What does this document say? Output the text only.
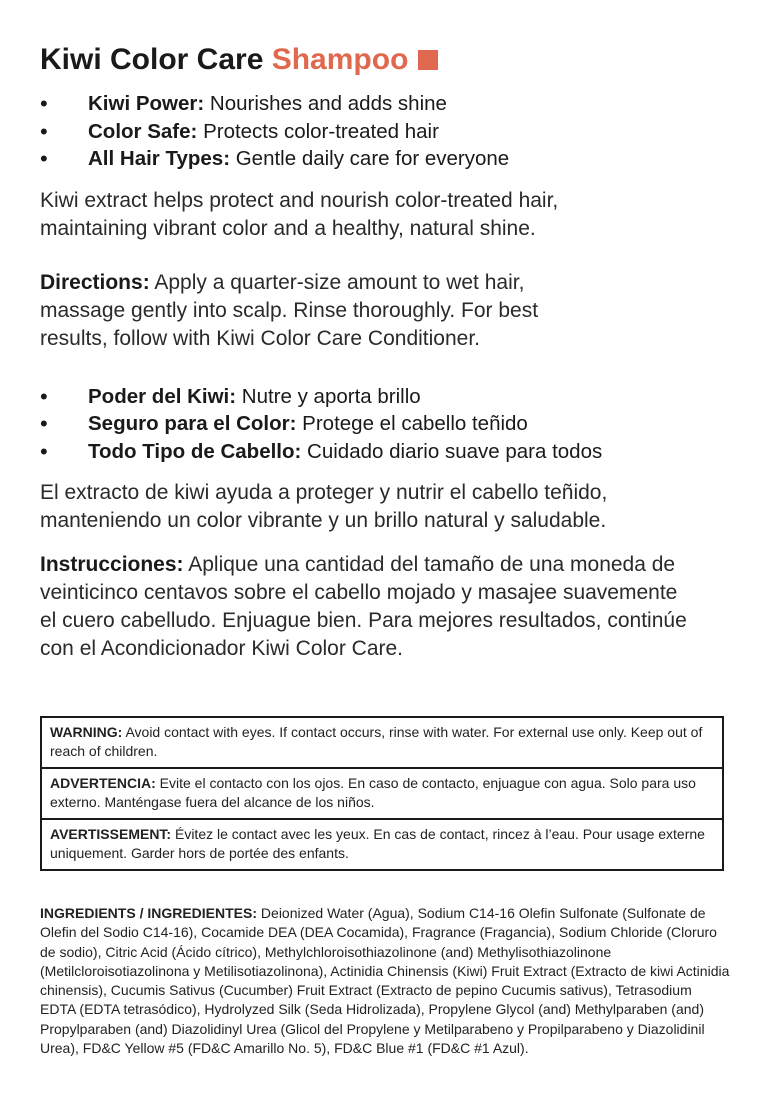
Kiwi Color Care Shampoo
• Kiwi Power: Nourishes and adds shine
• Color Safe: Protects color-treated hair
• All Hair Types: Gentle daily care for everyone

Kiwi extract helps protect and nourish color-treated hair, maintaining vibrant color and a healthy, natural shine.

Directions: Apply a quarter-size amount to wet hair, massage gently into scalp. Rinse thoroughly. For best results, follow with Kiwi Color Care Conditioner.

• Poder del Kiwi: Nutre y aporta brillo
• Seguro para el Color: Protege el cabello teñido
• Todo Tipo de Cabello: Cuidado diario suave para todos

El extracto de kiwi ayuda a proteger y nutrir el cabello teñido, manteniendo un color vibrante y un brillo natural y saludable.

Instrucciones: Aplique una cantidad del tamaño de una moneda de veinticinco centavos sobre el cabello mojado y masajee suavemente el cuero cabelludo. Enjuague bien. Para mejores resultados, continúe con el Acondicionador Kiwi Color Care.

WARNING: Avoid contact with eyes. If contact occurs, rinse with water. For external use only. Keep out of reach of children.
ADVERTENCIA: Evite el contacto con los ojos. En caso de contacto, enjuague con agua. Solo para uso externo. Manténgase fuera del alcance de los niños.
AVERTISSEMENT: Évitez le contact avec les yeux. En cas de contact, rincez à l’eau. Pour usage externe uniquement. Garder hors de portée des enfants.
INGREDIENTS / INGREDIENTES: Deionized Water (Agua), Sodium C14-16 Olefin Sulfonate (Sulfonate de Olefin del Sodio C14-16), Cocamide DEA (DEA Cocamida), Fragrance (Fragancia), Sodium Chloride (Cloruro de sodio), Citric Acid (Ácido cítrico), Methylchloroisothiazolinone (and) Methylisothiazolinone (Metilcloroisotiazolinona y Metilisotiazolinona), Actinidia Chinensis (Kiwi) Fruit Extract (Extracto de kiwi Actinidia chinensis), Cucumis Sativus (Cucumber) Fruit Extract (Extracto de pepino Cucumis sativus), Tetrasodium EDTA (EDTA tetrasódico), Hydrolyzed Silk (Seda Hidrolizada), Propylene Glycol (and) Methylparaben (and) Propylparaben (and) Diazolidinyl Urea (Glicol del Propylene y Metilparabeno y Propilparabeno y Diazolidinil Urea), FD&C Yellow #5 (FD&C Amarillo No. 5), FD&C Blue #1 (FD&C #1 Azul).
